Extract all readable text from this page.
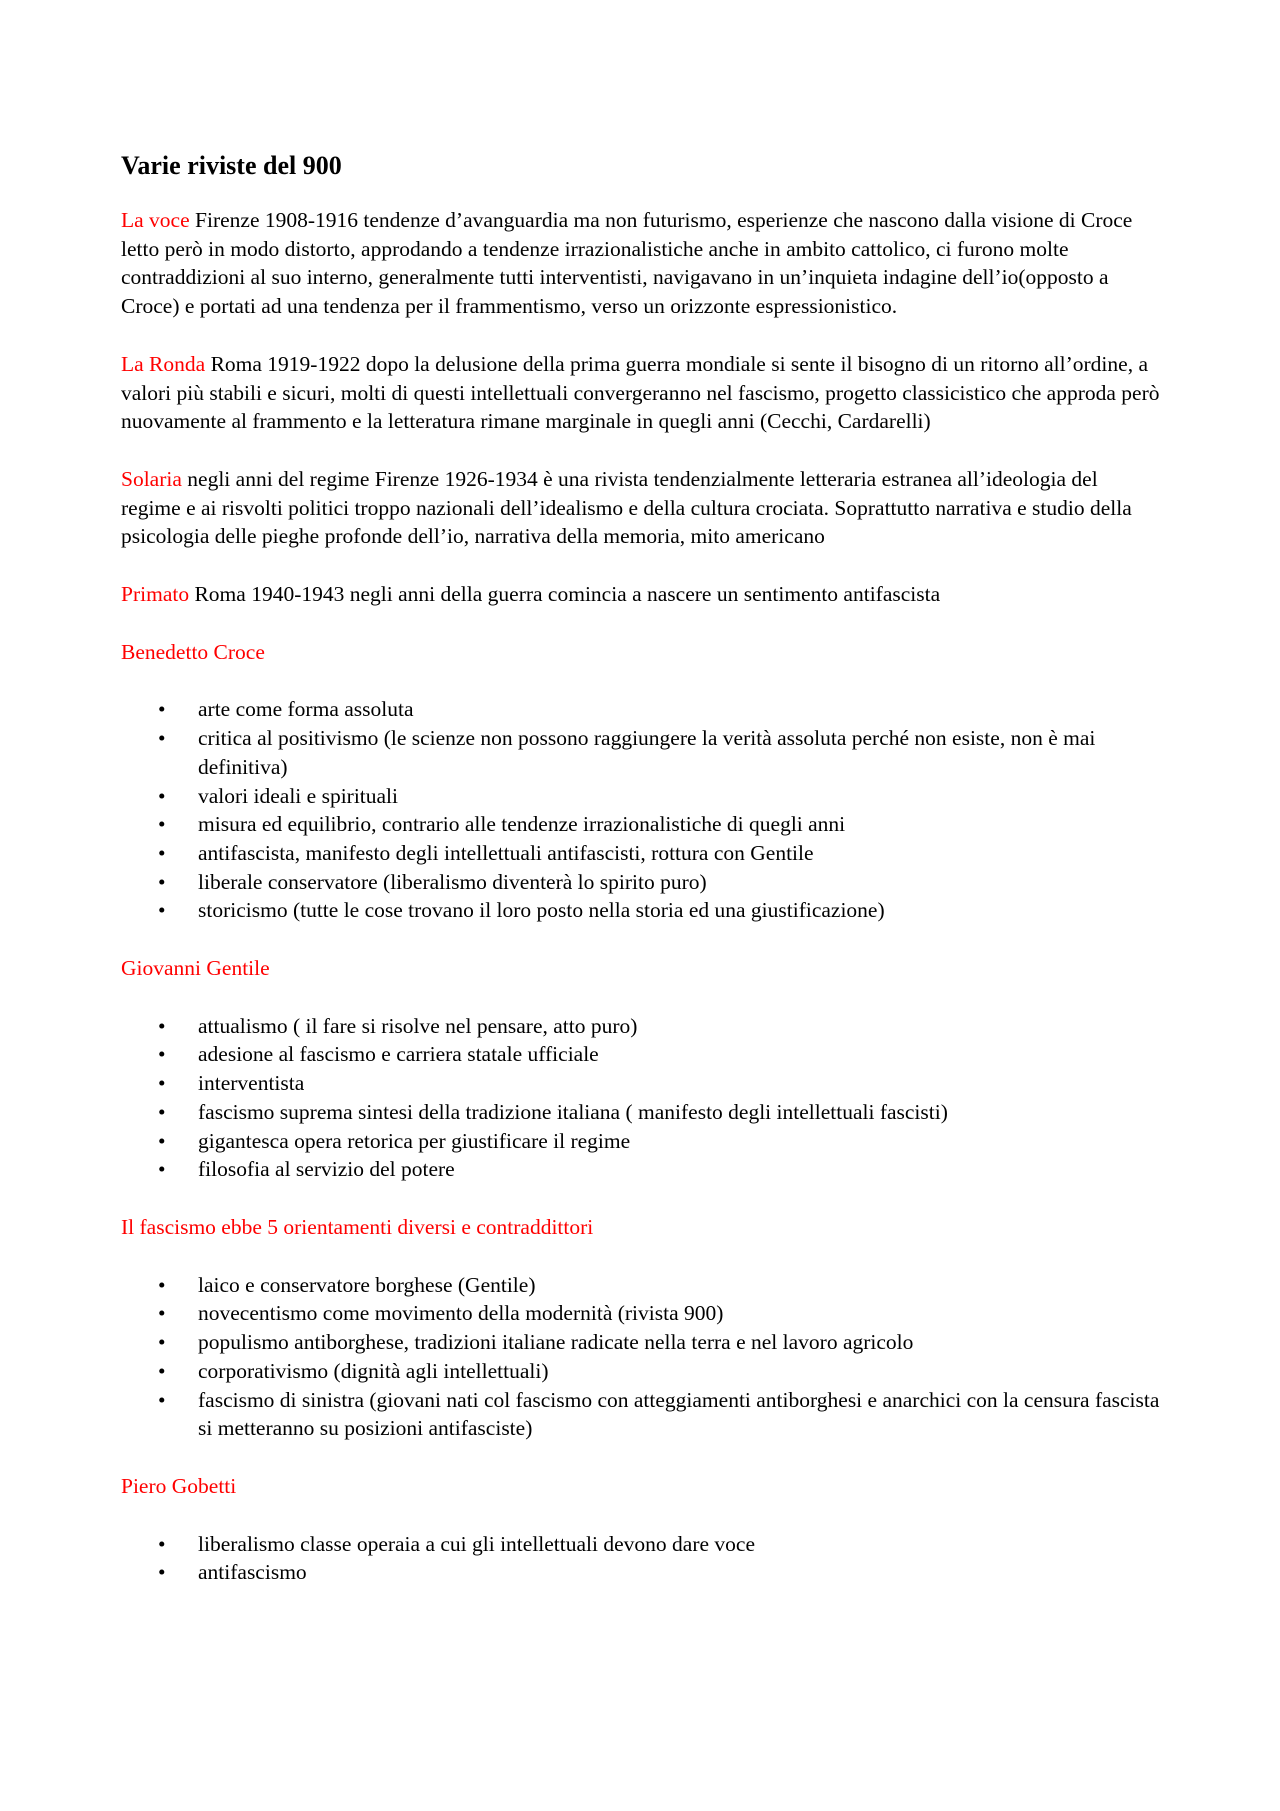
Varie riviste del 900

La voce Firenze 1908-1916 tendenze d’avanguardia ma non futurismo, esperienze che nascono dalla visione di Croce letto però in modo distorto, approdando a tendenze irrazionalistiche anche in ambito cattolico, ci furono molte contraddizioni al suo interno, generalmente tutti interventisti, navigavano in un’inquieta indagine dell’io(opposto a Croce) e portati ad una tendenza per il frammentismo, verso un orizzonte espressionistico.

La Ronda Roma 1919-1922 dopo la delusione della prima guerra mondiale si sente il bisogno di un ritorno all’ordine, a valori più stabili e sicuri, molti di questi intellettuali convergeranno nel fascismo, progetto classicistico che approda però nuovamente al frammento e la letteratura rimane marginale in quegli anni (Cecchi, Cardarelli)

Solaria negli anni del regime Firenze 1926-1934 è una rivista tendenzialmente letteraria estranea all’ideologia del regime e ai risvolti politici troppo nazionali dell’idealismo e della cultura crociata. Soprattutto narrativa e studio della psicologia delle pieghe profonde dell’io, narrativa della memoria, mito americano

Primato Roma 1940-1943 negli anni della guerra comincia a nascere un sentimento antifascista

Benedetto Croce

• arte come forma assoluta
• critica al positivismo (le scienze non possono raggiungere la verità assoluta perché non esiste, non è mai definitiva)
• valori ideali e spirituali
• misura ed equilibrio, contrario alle tendenze irrazionalistiche di quegli anni
• antifascista, manifesto degli intellettuali antifascisti, rottura con Gentile
• liberale conservatore (liberalismo diventerà lo spirito puro)
• storicismo (tutte le cose trovano il loro posto nella storia ed una giustificazione)

Giovanni Gentile

• attualismo ( il fare si risolve nel pensare, atto puro)
• adesione al fascismo e carriera statale ufficiale
• interventista
• fascismo suprema sintesi della tradizione italiana ( manifesto degli intellettuali fascisti)
• gigantesca opera retorica per giustificare il regime
• filosofia al servizio del potere

Il fascismo ebbe 5 orientamenti diversi e contraddittori

• laico e conservatore borghese (Gentile)
• novecentismo come movimento della modernità (rivista 900)
• populismo antiborghese, tradizioni italiane radicate nella terra e nel lavoro agricolo
• corporativismo (dignità agli intellettuali)
• fascismo di sinistra (giovani nati col fascismo con atteggiamenti antiborghesi e anarchici con la censura fascista si metteranno su posizioni antifasciste)

Piero Gobetti

• liberalismo classe operaia a cui gli intellettuali devono dare voce
• antifascismo
